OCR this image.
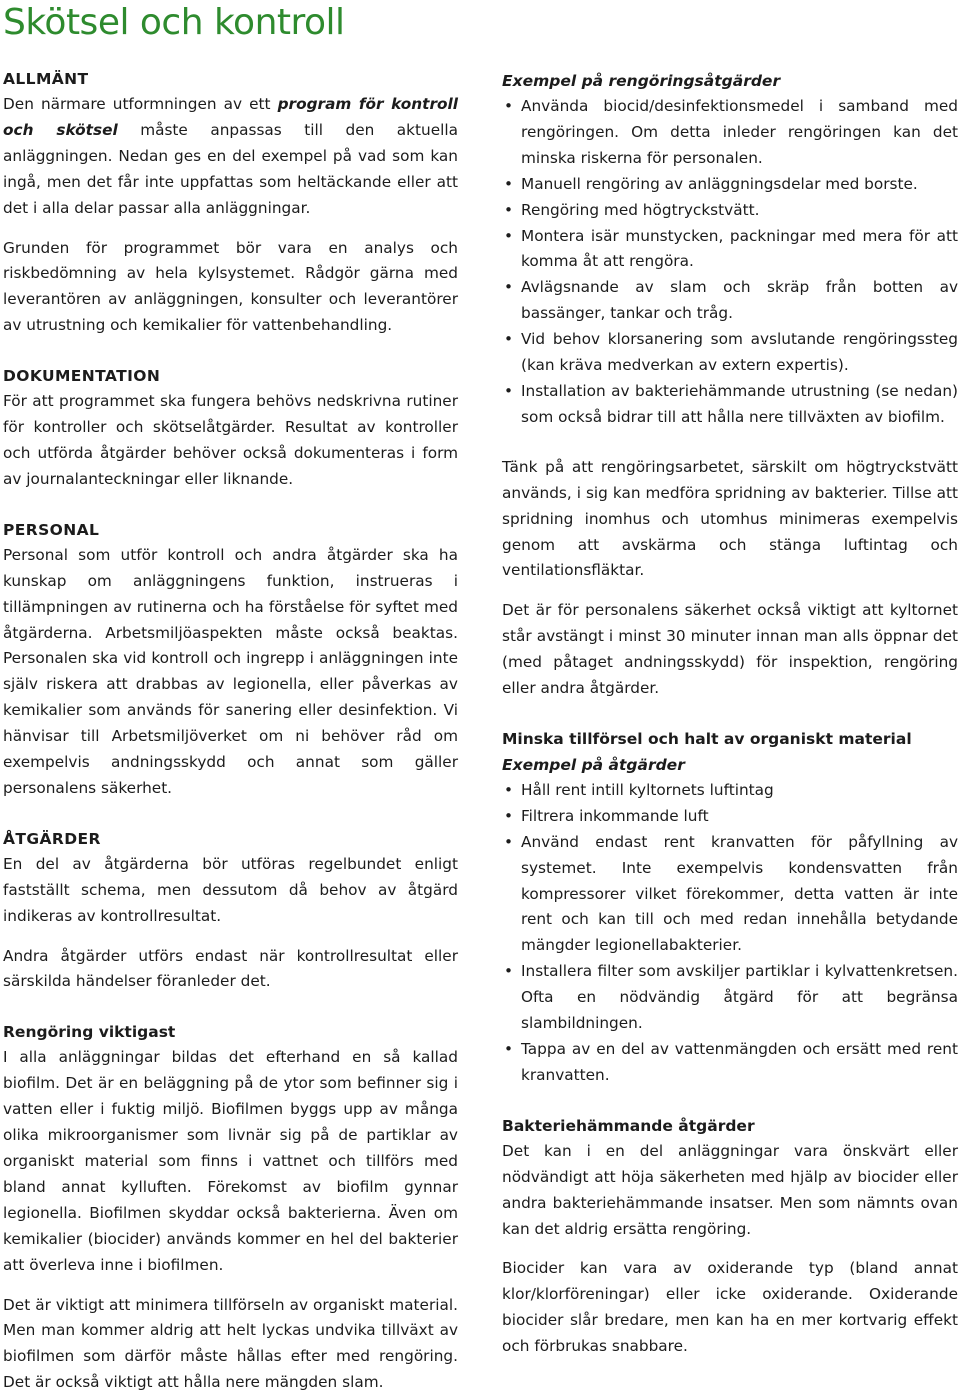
Skötsel och kontroll
ALLMÄNT

Den närmare utformningen av ett program för kontroll och skötsel måste anpassas till den aktuella anläggningen. Nedan ges en del exempel på vad som kan ingå, men det får inte uppfattas som heltäckande eller att det i alla delar passar alla anläggningar.

Grunden för programmet bör vara en analys och riskbedömning av hela kylsystemet. Rådgör gärna med leverantören av anläggningen, konsulter och leverantörer av utrustning och kemikalier för vattenbehandling.

DOKUMENTATION

För att programmet ska fungera behövs nedskrivna rutiner för kontroller och skötselåtgärder. Resultat av kontroller och utförda åtgärder behöver också dokumenteras i form av journalanteckningar eller liknande.

PERSONAL

Personal som utför kontroll och andra åtgärder ska ha kunskap om anläggningens funktion, instrueras i tillämpningen av rutinerna och ha förståelse för syftet med åtgärderna. Arbetsmiljöaspekten måste också beaktas. Personalen ska vid kontroll och ingrepp i anläggningen inte själv riskera att drabbas av legionella, eller påverkas av kemikalier som används för sanering eller desinfektion. Vi hänvisar till Arbetsmiljöverket om ni behöver råd om exempelvis andningsskydd och annat som gäller personalens säkerhet.

ÅTGÄRDER

En del av åtgärderna bör utföras regelbundet enligt fastställt schema, men dessutom då behov av åtgärd indikeras av kontrollresultat.

Andra åtgärder utförs endast när kontrollresultat eller särskilda händelser föranleder det.

Rengöring viktigast

I alla anläggningar bildas det efterhand en så kallad biofilm. Det är en beläggning på de ytor som befinner sig i vatten eller i fuktig miljö. Biofilmen byggs upp av många olika mikroorganismer som livnär sig på de partiklar av organiskt material som finns i vattnet och tillförs med bland annat kylluften. Förekomst av biofilm gynnar legionella. Biofilmen skyddar också bakterierna. Även om kemikalier (biocider) används kommer en hel del bakterier att överleva inne i biofilmen.

Det är viktigt att minimera tillförseln av organiskt material. Men man kommer aldrig att helt lyckas undvika tillväxt av biofilmen som därför måste hållas efter med rengöring. Det är också viktigt att hålla nere mängden slam.

Exempel på rengöringsåtgärder
• Använda biocid/desinfektionsmedel i samband med rengöringen. Om detta inleder rengöringen kan det minska riskerna för personalen.
• Manuell rengöring av anläggningsdelar med borste.
• Rengöring med högtryckstvätt.
• Montera isär munstycken, packningar med mera för att komma åt att rengöra.
• Avlägsnande av slam och skräp från botten av bassänger, tankar och tråg.
• Vid behov klorsanering som avslutande rengöringssteg (kan kräva medverkan av extern expertis).
• Installation av bakteriehämmande utrustning (se nedan) som också bidrar till att hålla nere tillväxten av biofilm.

Tänk på att rengöringsarbetet, särskilt om högtryckstvätt används, i sig kan medföra spridning av bakterier. Tillse att spridning inomhus och utomhus minimeras exempelvis genom att avskärma och stänga luftintag och ventilationsfläktar.

Det är för personalens säkerhet också viktigt att kyltornet står avstängt i minst 30 minuter innan man alls öppnar det (med påtaget andningsskydd) för inspektion, rengöring eller andra åtgärder.

Minska tillförsel och halt av organiskt material
Exempel på åtgärder
• Håll rent intill kyltornets luftintag
• Filtrera inkommande luft
• Använd endast rent kranvatten för påfyllning av systemet. Inte exempelvis kondensvatten från kompressorer vilket förekommer, detta vatten är inte rent och kan till och med redan innehålla betydande mängder legionellabakterier.
• Installera filter som avskiljer partiklar i kylvattenkretsen. Ofta en nödvändig åtgärd för att begränsa slambildningen.
• Tappa av en del av vattenmängden och ersätt med rent kranvatten.
Bakteriehämmande åtgärder

Det kan i en del anläggningar vara önskvärt eller nödvändigt att höja säkerheten med hjälp av biocider eller andra bakteriehämmande insatser. Men som nämnts ovan kan det aldrig ersätta rengöring.

Biocider kan vara av oxiderande typ (bland annat klor/klorföreningar) eller icke oxiderande. Oxiderande biocider slår bredare, men kan ha en mer kortvarig effekt och förbrukas snabbare.
